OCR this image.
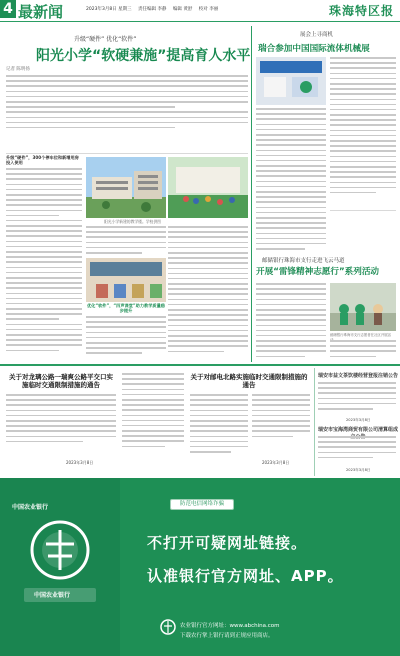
4 最新闻	2023年3月8日 星期三 责任编辑 李静 编辑 黄舒 校对 李丽	珠海特区报
升级“硬件” 优化“软件”
阳光小学“软硬兼施”提高育人水平
记者 陈明扬
升级“硬件”，300个停车位和新增用房投入使用
阳光小学新建的教学楼。学校供图
优化“软件”，“四声课堂”助力教学质量稳步提升
展会上寻商机
瑞合参加中国国际流体机械展
邮储银行珠海市支行走进飞云马道
开展“雷锋精神志愿行”系列活动
邮储银行珠海市支行志愿者在社区开展活
关于对龙璃公路一瑞爽公路平交口实施临时交通限制措施的通告
2023年3月8日
关于对邮电北路实施临时交通限制措施的通告
2023年3月8日
瑞安市益文茶饮楼经营登报注销公告
2023年3月8日
瑞安市宝海湾商贸有限公司清算组成
2023年3月8日
中国农业银行
中国农业银行	防范电信网络诈骗
不打开可疑网址链接。
认准银行官方网址、APP。
农业银行官方网址：www.abchina.com
下载农行掌上银行请到正规应用商店。
